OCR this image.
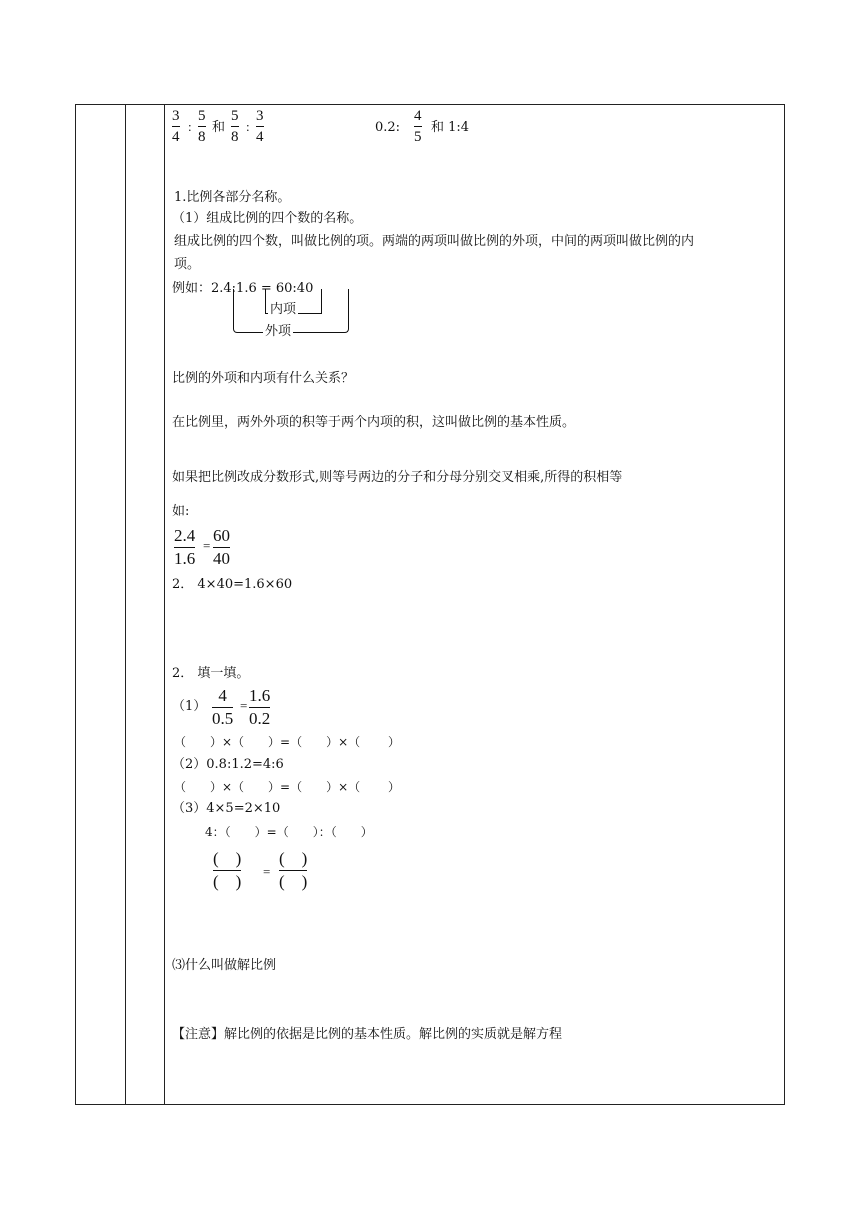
3
4
:
5
8
和
5
8
:
3
4
0.2:
4
5
和 1:4
1.比例各部分名称。
（1）组成比例的四个数的名称。
组成比例的四个数，叫做比例的项。两端的两项叫做比例的外项，中间的两项叫做比例的内
项。
例如：2.4:1.6 = 60:40
内项
外项
比例的外项和内项有什么关系？
在比例里，两外外项的积等于两个内项的积，这叫做比例的基本性质。
如果把比例改成分数形式,则等号两边的分子和分母分别交叉相乘,所得的积相等
如:
2.4
1.6
=
60
40
2． 4×40=1.6×60
2． 填一填。
（1）
4
0.5
=
1.6
0.2
（　　）×（　　）=（　　）×（　　 ）
（2）0.8:1.2=4:6
（　　）×（　　）=（　　）×（　　 ）
（3）4×5=2×10
4：（　　）=（　　）：（　　）
(　)
(　)
=
(　)
(　)
⑶什么叫做解比例
【注意】解比例的依据是比例的基本性质。解比例的实质就是解方程
